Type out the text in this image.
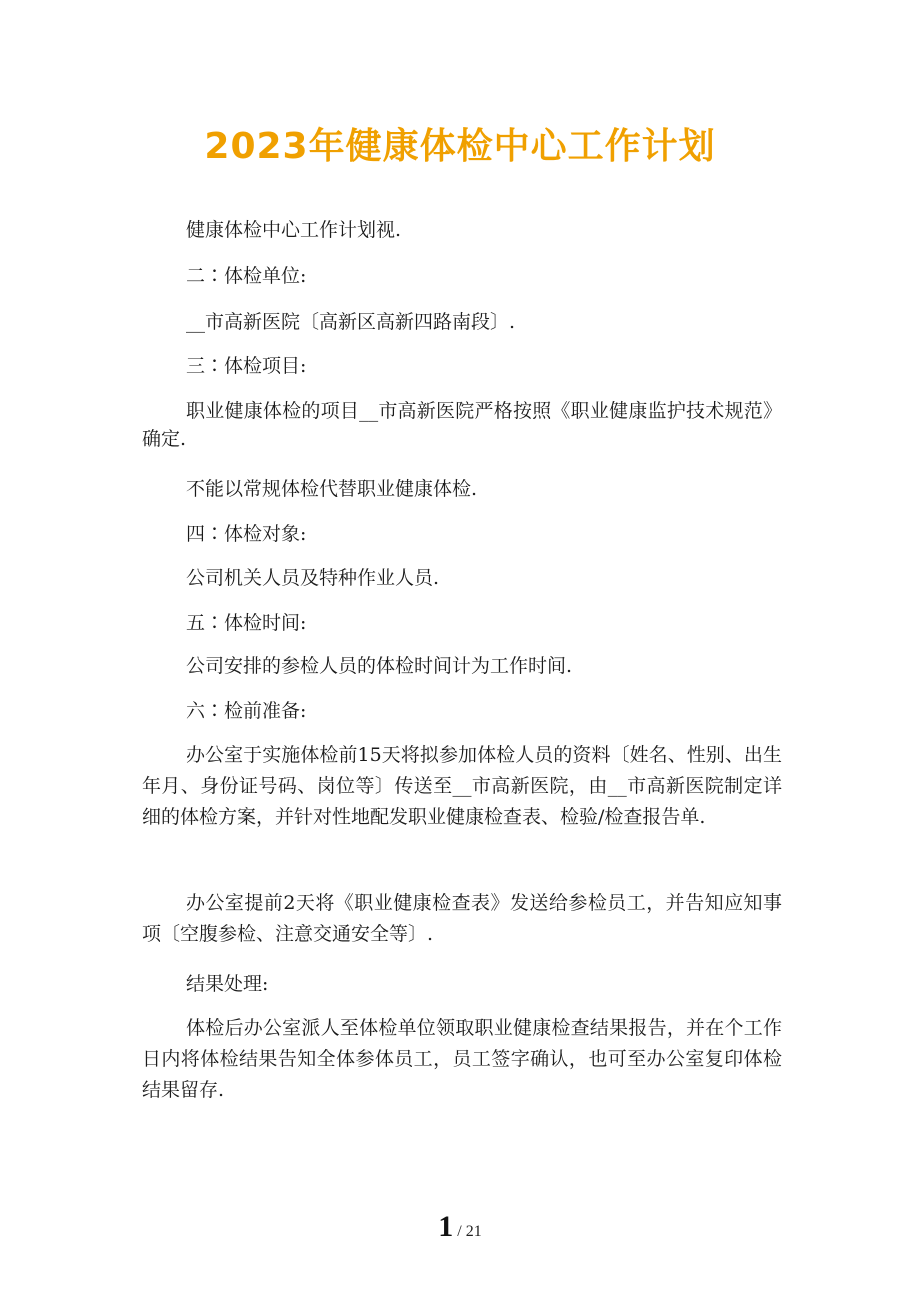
2023年健康体检中心工作计划

健康体检中心工作计划视.

二∶体检单位:

__市高新医院〔高新区高新四路南段〕.

三∶体检项目:

职业健康体检的项目__市高新医院严格按照《职业健康监护技术规范》确定.

不能以常规体检代替职业健康体检.

四∶体检对象:

公司机关人员及特种作业人员.

五∶体检时间:

公司安排的参检人员的体检时间计为工作时间.

六∶检前准备:

办公室于实施体检前15天将拟参加体检人员的资料〔姓名、性别、出生年月、身份证号码、岗位等〕传送至__市高新医院，由__市高新医院制定详细的体检方案，并针对性地配发职业健康检查表、检验/检查报告单.

办公室提前2天将《职业健康检查表》发送给参检员工，并告知应知事项〔空腹参检、注意交通安全等〕.

结果处理:

体检后办公室派人至体检单位领取职业健康检查结果报告，并在个工作日内将体检结果告知全体参体员工，员工签字确认，也可至办公室复印体检结果留存.

1 / 21
